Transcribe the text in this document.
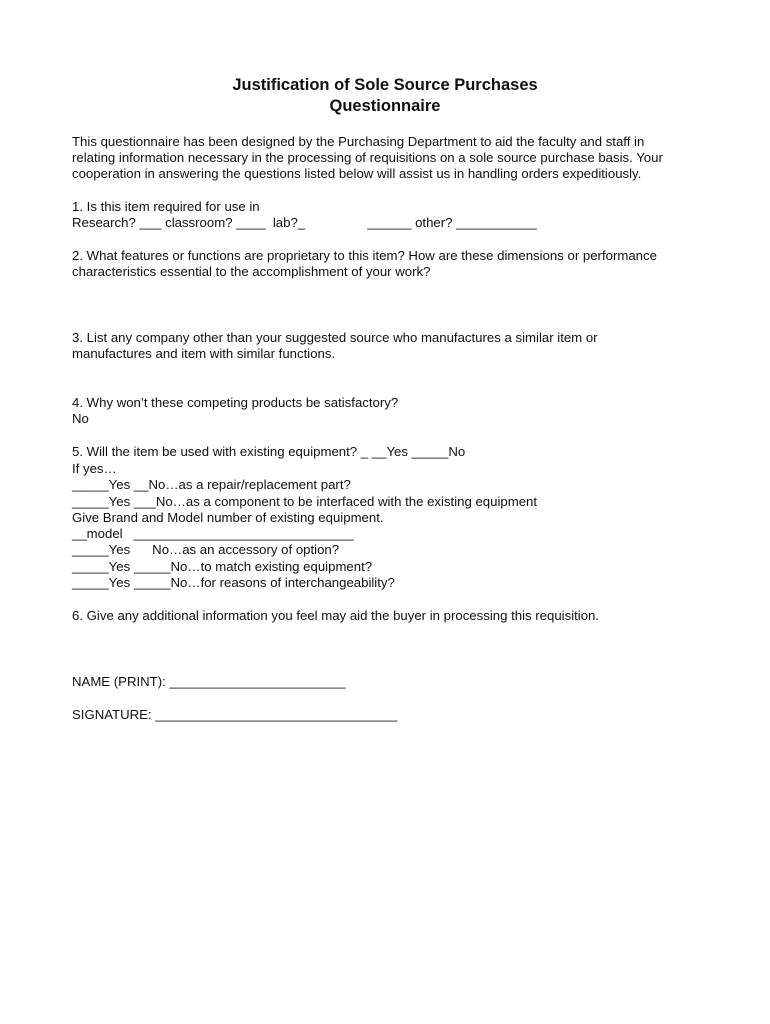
Justification of Sole Source Purchases
Questionnaire

This questionnaire has been designed by the Purchasing Department to aid the faculty and staff in

relating information necessary in the processing of requisitions on a sole source purchase basis. Your

cooperation in answering the questions listed below will assist us in handling orders expeditiously.

1. Is this item required for use in

Research? ___ classroom? ____  lab?_                 ______ other? ___________

2. What features or functions are proprietary to this item? How are these dimensions or performance

characteristics essential to the accomplishment of your work?

3. List any company other than your suggested source who manufactures a similar item or

manufactures and item with similar functions.

4. Why won’t these competing products be satisfactory?

No

5. Will the item be used with existing equipment? _ __Yes _____No

If yes…

_____Yes __No…as a repair/replacement part?

_____Yes ___No…as a component to be interfaced with the existing equipment

Give Brand and Model number of existing equipment.

__model   ______________________________

_____Yes      No…as an accessory of option?

_____Yes _____No…to match existing equipment?

_____Yes _____No…for reasons of interchangeability?

6. Give any additional information you feel may aid the buyer in processing this requisition.

NAME (PRINT): ________________________

SIGNATURE: _________________________________
